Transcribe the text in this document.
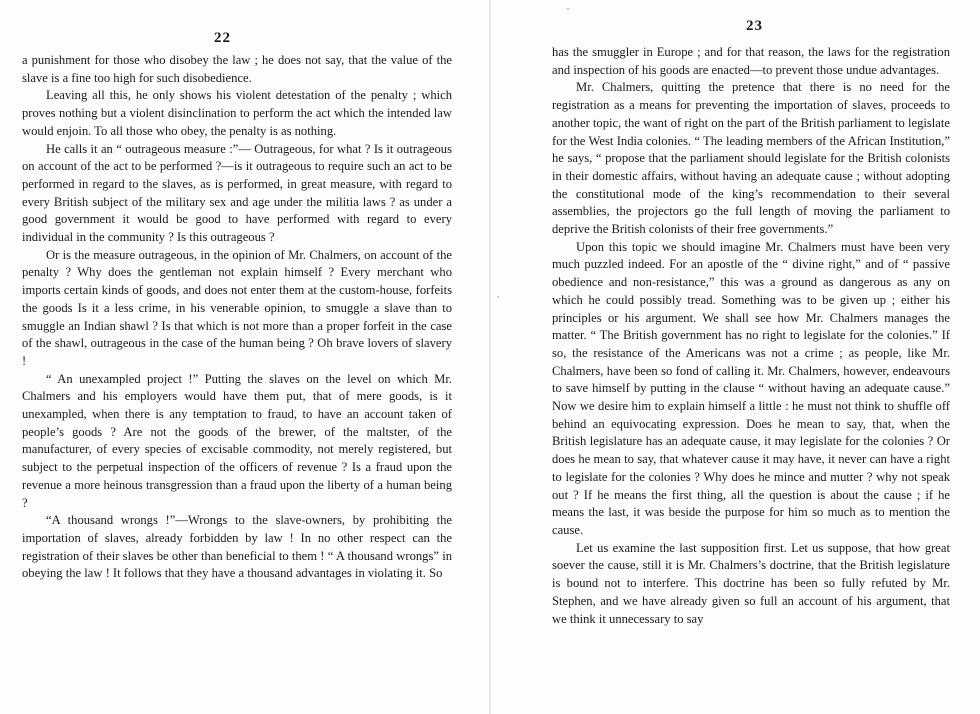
22

a punishment for those who disobey the law ; he does not say, that the value of the slave is a fine too high for such disobedience.

Leaving all this, he only shows his violent detestation of the penalty ; which proves nothing but a violent disinclination to perform the act which the intended law would enjoin. To all those who obey, the penalty is as nothing.

He calls it an “ outrageous measure :”— Outrageous, for what ? Is it outrageous on account of the act to be performed ?—is it outrageous to require such an act to be performed in regard to the slaves, as is performed, in great measure, with regard to every British subject of the military sex and age under the militia laws ? as under a good government it would be good to have performed with regard to every individual in the community ? Is this outrageous ?

Or is the measure outrageous, in the opinion of Mr. Chalmers, on account of the penalty ? Why does the gentleman not explain himself ? Every merchant who imports certain kinds of goods, and does not enter them at the custom-house, forfeits the goods Is it a less crime, in his venerable opinion, to smuggle a slave than to smuggle an Indian shawl ? Is that which is not more than a proper forfeit in the case of the shawl, outrageous in the case of the human being ? Oh brave lovers of slavery !

“ An unexampled project !” Putting the slaves on the level on which Mr. Chalmers and his employers would have them put, that of mere goods, is it unexampled, when there is any temptation to fraud, to have an account taken of people’s goods ? Are not the goods of the brewer, of the maltster, of the manufacturer, of every species of excisable commodity, not merely registered, but subject to the perpetual inspection of the officers of revenue ? Is a fraud upon the revenue a more heinous transgression than a fraud upon the liberty of a human being ?

“A thousand wrongs !”—Wrongs to the slave-owners, by prohibiting the importation of slaves, already forbidden by law ! In no other respect can the registration of their slaves be other than beneficial to them ! “ A thousand wrongs” in obeying the law ! It follows that they have a thousand advantages in violating it. So

23

has the smuggler in Europe ; and for that reason, the laws for the registration and inspection of his goods are enacted—to prevent those undue advantages.

Mr. Chalmers, quitting the pretence that there is no need for the registration as a means for preventing the importation of slaves, proceeds to another topic, the want of right on the part of the British parliament to legislate for the West India colonies. “ The leading members of the African Institution,” he says, “ propose that the parliament should legislate for the British colonists in their domestic affairs, without having an adequate cause ; without adopting the constitutional mode of the king’s recommendation to their several assemblies, the projectors go the full length of moving the parliament to deprive the British colonists of their free governments.”

Upon this topic we should imagine Mr. Chalmers must have been very much puzzled indeed. For an apostle of the “ divine right,” and of “ passive obedience and non-resistance,” this was a ground as dangerous as any on which he could possibly tread. Something was to be given up ; either his principles or his argument. We shall see how Mr. Chalmers manages the matter. “ The British government has no right to legislate for the colonies.” If so, the resistance of the Americans was not a crime ; as people, like Mr. Chalmers, have been so fond of calling it. Mr. Chalmers, however, endeavours to save himself by putting in the clause “ without having an adequate cause.” Now we desire him to explain himself a little : he must not think to shuffle off behind an equivocating expression. Does he mean to say, that, when the British legislature has an adequate cause, it may legislate for the colonies ? Or does he mean to say, that whatever cause it may have, it never can have a right to legislate for the colonies ? Why does he mince and mutter ? why not speak out ? If he means the first thing, all the question is about the cause ; if he means the last, it was beside the purpose for him so much as to mention the cause.

Let us examine the last supposition first. Let us suppose, that how great soever the cause, still it is Mr. Chalmers’s doctrine, that the British legislature is bound not to interfere. This doctrine has been so fully refuted by Mr. Stephen, and we have already given so full an account of his argument, that we think it unnecessary to say
